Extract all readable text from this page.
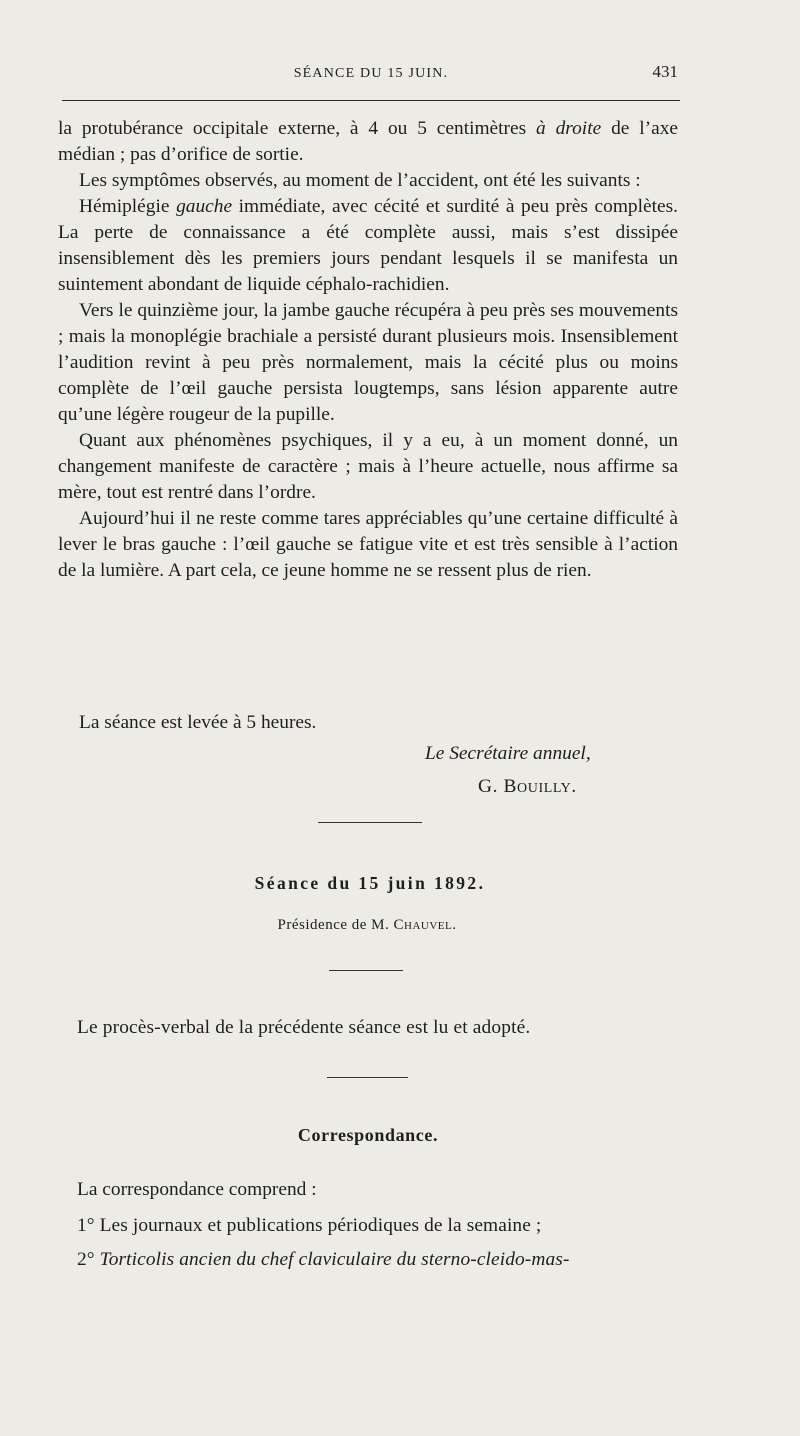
SÉANCE DU 15 JUIN.	431

la protubérance occipitale externe, à 4 ou 5 centimètres à droite de l’axe médian ; pas d’orifice de sortie.

Les symptômes observés, au moment de l’accident, ont été les suivants :

Hémiplégie gauche immédiate, avec cécité et surdité à peu près complètes. La perte de connaissance a été complète aussi, mais s’est dissipée insensiblement dès les premiers jours pendant lesquels il se manifesta un suintement abondant de liquide céphalo-rachidien.

Vers le quinzième jour, la jambe gauche récupéra à peu près ses mouvements ; mais la monoplégie brachiale a persisté durant plusieurs mois. Insensiblement l’audition revint à peu près normalement, mais la cécité plus ou moins complète de l’œil gauche persista lougtemps, sans lésion apparente autre qu’une légère rougeur de la pupille.

Quant aux phénomènes psychiques, il y a eu, à un moment donné, un changement manifeste de caractère ; mais à l’heure actuelle, nous affirme sa mère, tout est rentré dans l’ordre.

Aujourd’hui il ne reste comme tares appréciables qu’une certaine difficulté à lever le bras gauche : l’œil gauche se fatigue vite et est très sensible à l’action de la lumière. A part cela, ce jeune homme ne se ressent plus de rien.

La séance est levée à 5 heures.
Le Secrétaire annuel,
G. Bouilly.
Séance du 15 juin 1892.
Présidence de M. Chauvel.
Le procès-verbal de la précédente séance est lu et adopté.
Correspondance.
La correspondance comprend :
1° Les journaux et publications périodiques de la semaine ;
2° Torticolis ancien du chef claviculaire du sterno-cleido-mas-
